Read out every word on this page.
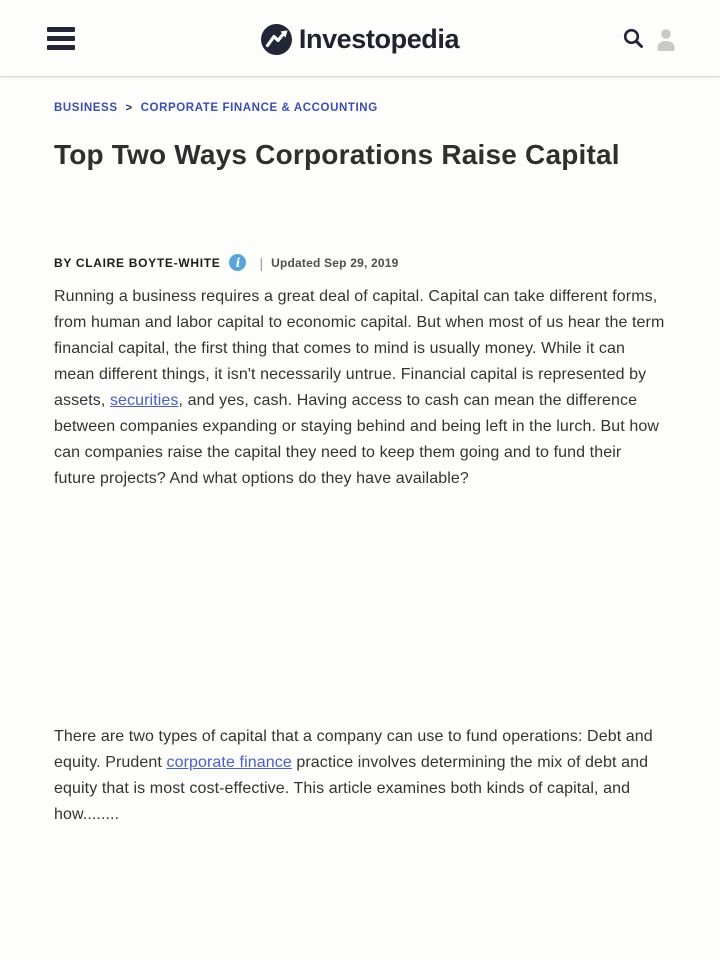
Investopedia
BUSINESS > CORPORATE FINANCE & ACCOUNTING
Top Two Ways Corporations Raise Capital
BY CLAIRE BOYTE-WHITE	i	| Updated Sep 29, 2019

Running a business requires a great deal of capital. Capital can take different forms, from human and labor capital to economic capital. But when most of us hear the term financial capital, the first thing that comes to mind is usually money. While it can mean different things, it isn't necessarily untrue. Financial capital is represented by assets, securities, and yes, cash. Having access to cash can mean the difference between companies expanding or staying behind and being left in the lurch. But how can companies raise the capital they need to keep them going and to fund their future projects? And what options do they have available?

There are two types of capital that a company can use to fund operations: Debt and equity. Prudent corporate finance practice involves determining the mix of debt and equity that is most cost-effective. This article examines both kinds of capital, and how........
